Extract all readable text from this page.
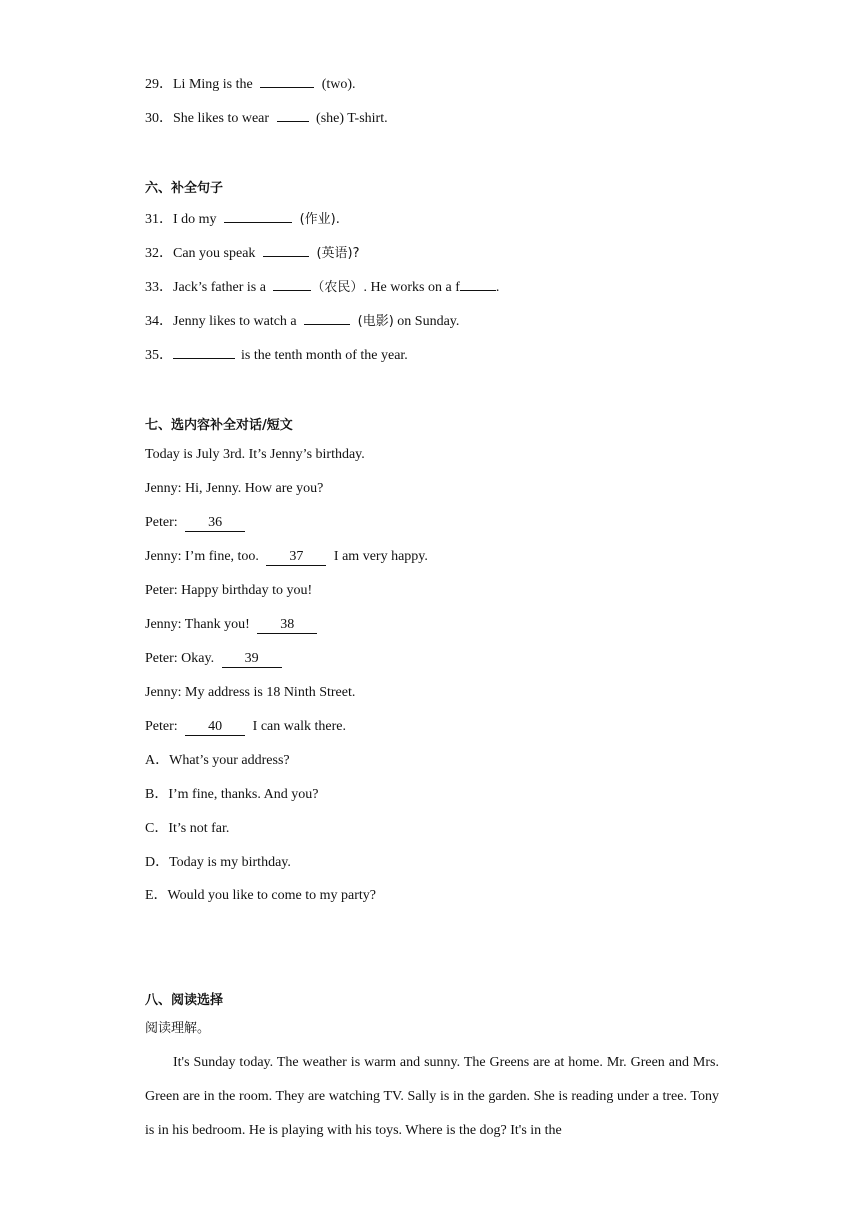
29．Li Ming is the	(two).
30．She likes to wear	(she) T-shirt.
六、补全句子
31．I do my	(作业).
32．Can you speak	(英语)?
33．Jack’s father is a	（农民）. He works on a f	.
34．Jenny likes to watch a	(电影) on Sunday.
35．	is the tenth month of the year.
七、选内容补全对话/短文
Today is July 3rd. It’s Jenny’s birthday.
Jenny: Hi, Jenny. How are you?
Peter: 36
Jenny: I’m fine, too. 37 I am very happy.
Peter: Happy birthday to you!
Jenny: Thank you! 38
Peter: Okay. 39
Jenny: My address is 18 Ninth Street.
Peter: 40 I can walk there.
A．What’s your address?
B．I’m fine, thanks. And you?
C．It’s not far.
D．Today is my birthday.
E．Would you like to come to my party?
八、阅读选择
阅读理解。
It's Sunday today. The weather is warm and sunny. The Greens are at home. Mr. Green and Mrs. Green are in the room. They are watching TV. Sally is in the garden. She is reading under a tree. Tony is in his bedroom. He is playing with his toys. Where is the dog? It's in the
